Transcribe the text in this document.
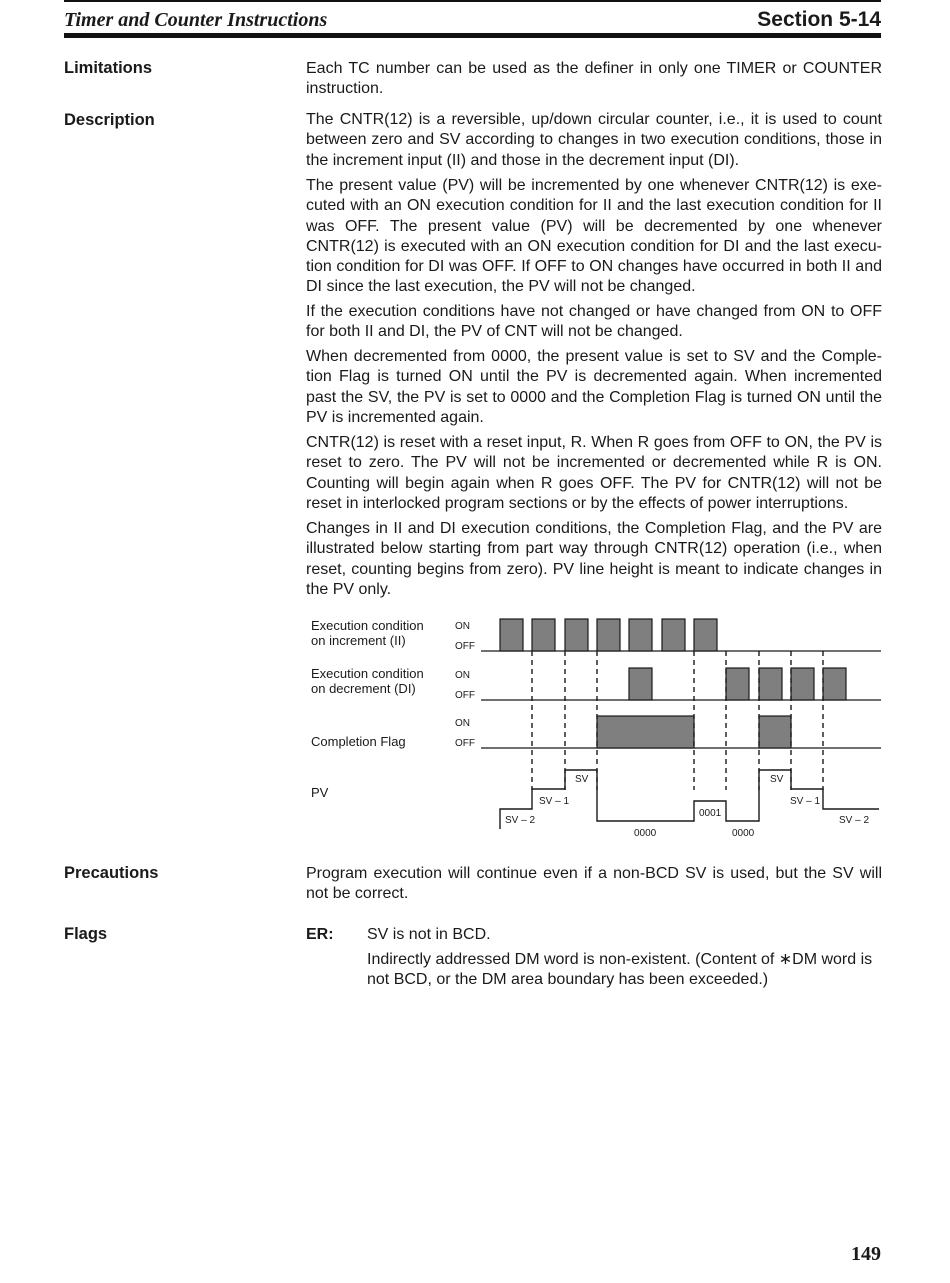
Timer and Counter Instructions	Section 5-14
Limitations	Each TC number can be used as the definer in only one TIMER or COUNTER instruction.

Description	The CNTR(12) is a reversible, up/down circular counter, i.e., it is used to count between zero and SV according to changes in two execution conditions, those in the increment input (II) and those in the decrement input (DI).

The present value (PV) will be incremented by one whenever CNTR(12) is exe-cuted with an ON execution condition for II and the last execution condition for II was OFF. The present value (PV) will be decremented by one whenever CNTR(12) is executed with an ON execution condition for DI and the last execu-tion condition for DI was OFF. If OFF to ON changes have occurred in both II and DI since the last execution, the PV will not be changed.

If the execution conditions have not changed or have changed from ON to OFF for both II and DI, the PV of CNT will not be changed.

When decremented from 0000, the present value is set to SV and the Comple-tion Flag is turned ON until the PV is decremented again. When incremented past the SV, the PV is set to 0000 and the Completion Flag is turned ON until the PV is incremented again.

CNTR(12) is reset with a reset input, R. When R goes from OFF to ON, the PV is reset to zero. The PV will not be incremented or decremented while R is ON. Counting will begin again when R goes OFF. The PV for CNTR(12) will not be reset in interlocked program sections or by the effects of power interruptions.

Changes in II and DI execution conditions, the Completion Flag, and the PV are illustrated below starting from part way through CNTR(12) operation (i.e., when reset, counting begins from zero). PV line height is meant to indicate changes in the PV only.

Execution condition
on increment (II)
Execution condition
on decrement (DI)
Completion Flag
PV
ON
OFF
ON
OFF
ON
OFF
SV – 2
SV – 1
SV
0000
0001
0000
SV
SV – 1
SV – 2
Precautions	Program execution will continue even if a non-BCD SV is used, but the SV will not be correct.

Flags	ER: SV is not in BCD.

Indirectly addressed DM word is non-existent. (Content of ∗DM word is not BCD, or the DM area boundary has been exceeded.)

149
